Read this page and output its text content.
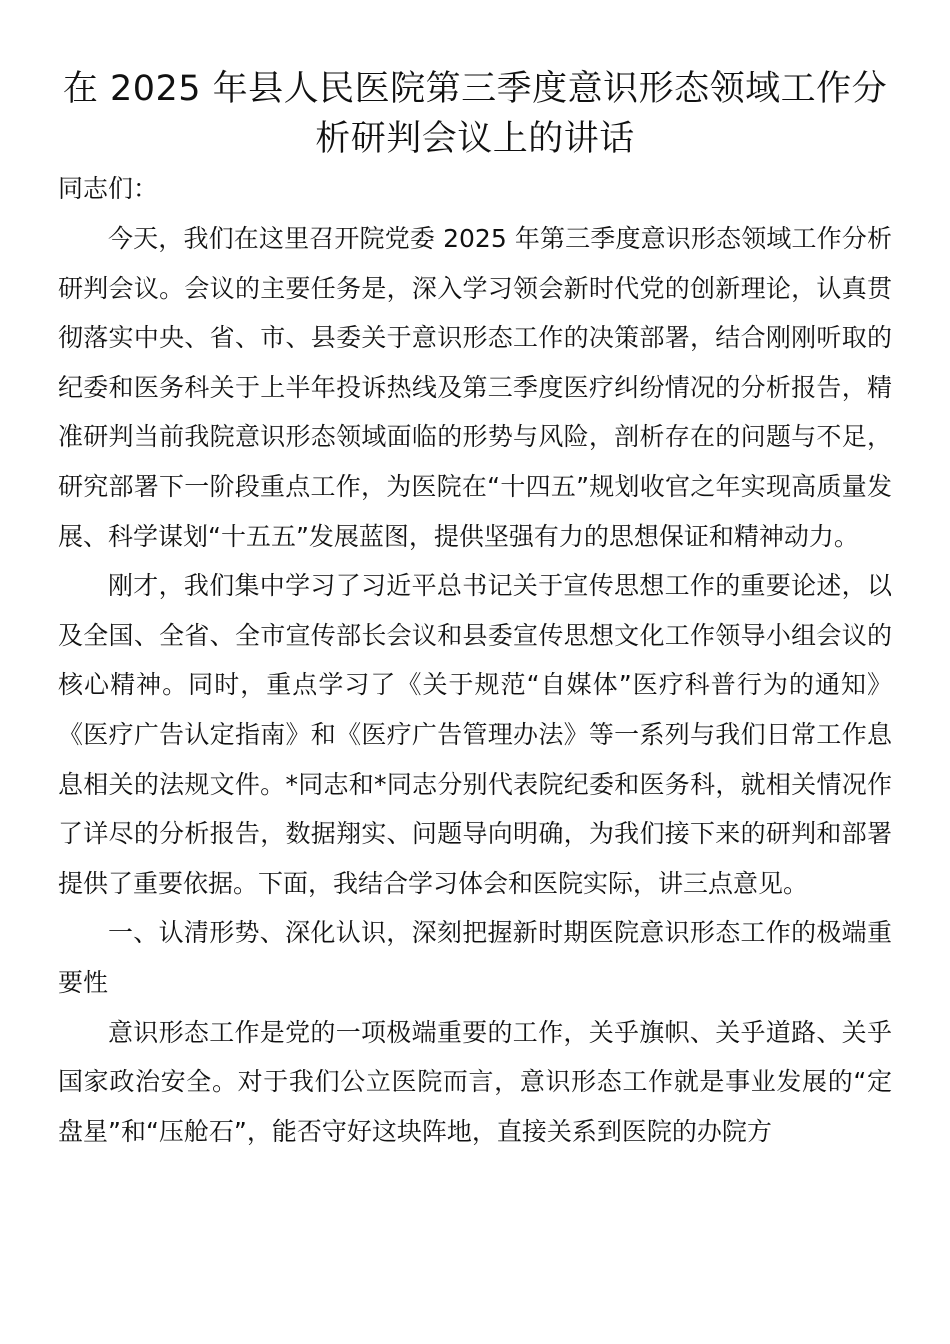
在 2025 年县人民医院第三季度意识形态领域工作分析研判会议上的讲话

同志们：

今天，我们在这里召开院党委 2025 年第三季度意识形态领域工作分析研判会议。会议的主要任务是，深入学习领会新时代党的创新理论，认真贯彻落实中央、省、市、县委关于意识形态工作的决策部署，结合刚刚听取的纪委和医务科关于上半年投诉热线及第三季度医疗纠纷情况的分析报告，精准研判当前我院意识形态领域面临的形势与风险，剖析存在的问题与不足，研究部署下一阶段重点工作，为医院在“十四五”规划收官之年实现高质量发展、科学谋划“十五五”发展蓝图，提供坚强有力的思想保证和精神动力。

刚才，我们集中学习了习近平总书记关于宣传思想工作的重要论述，以及全国、全省、全市宣传部长会议和县委宣传思想文化工作领导小组会议的核心精神。同时，重点学习了《关于规范“自媒体”医疗科普行为的通知》《医疗广告认定指南》和《医疗广告管理办法》等一系列与我们日常工作息息相关的法规文件。*同志和*同志分别代表院纪委和医务科，就相关情况作了详尽的分析报告，数据翔实、问题导向明确，为我们接下来的研判和部署提供了重要依据。下面，我结合学习体会和医院实际，讲三点意见。

一、认清形势、深化认识，深刻把握新时期医院意识形态工作的极端重要性

意识形态工作是党的一项极端重要的工作，关乎旗帜、关乎道路、关乎国家政治安全。对于我们公立医院而言，意识形态工作就是事业发展的“定盘星”和“压舱石”，能否守好这块阵地，直接关系到医院的办院方
